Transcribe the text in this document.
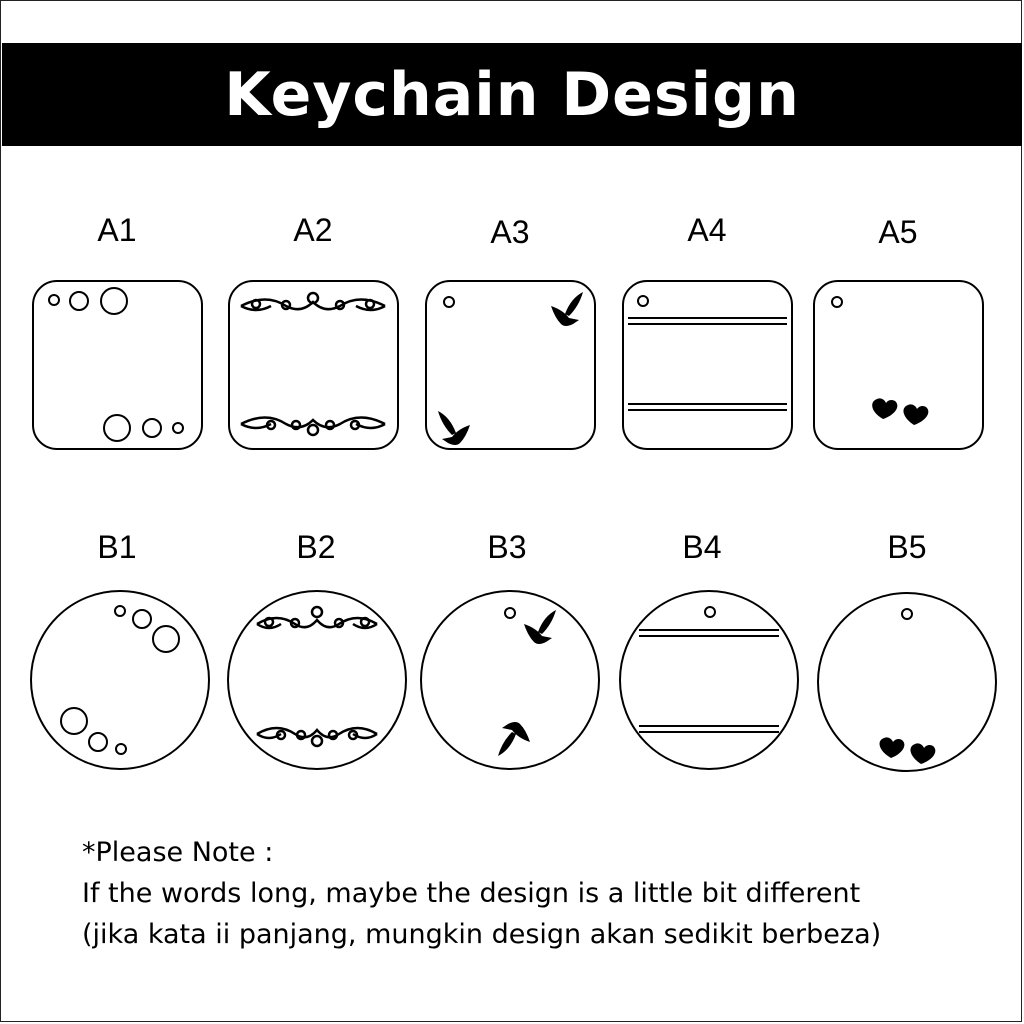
Keychain Design
A1	A2	A3	A4	A5
B1	B2	B3	B4	B5
*Please Note :
If the words long, maybe the design is a little bit different
(jika kata ii panjang, mungkin design akan sedikit berbeza)
